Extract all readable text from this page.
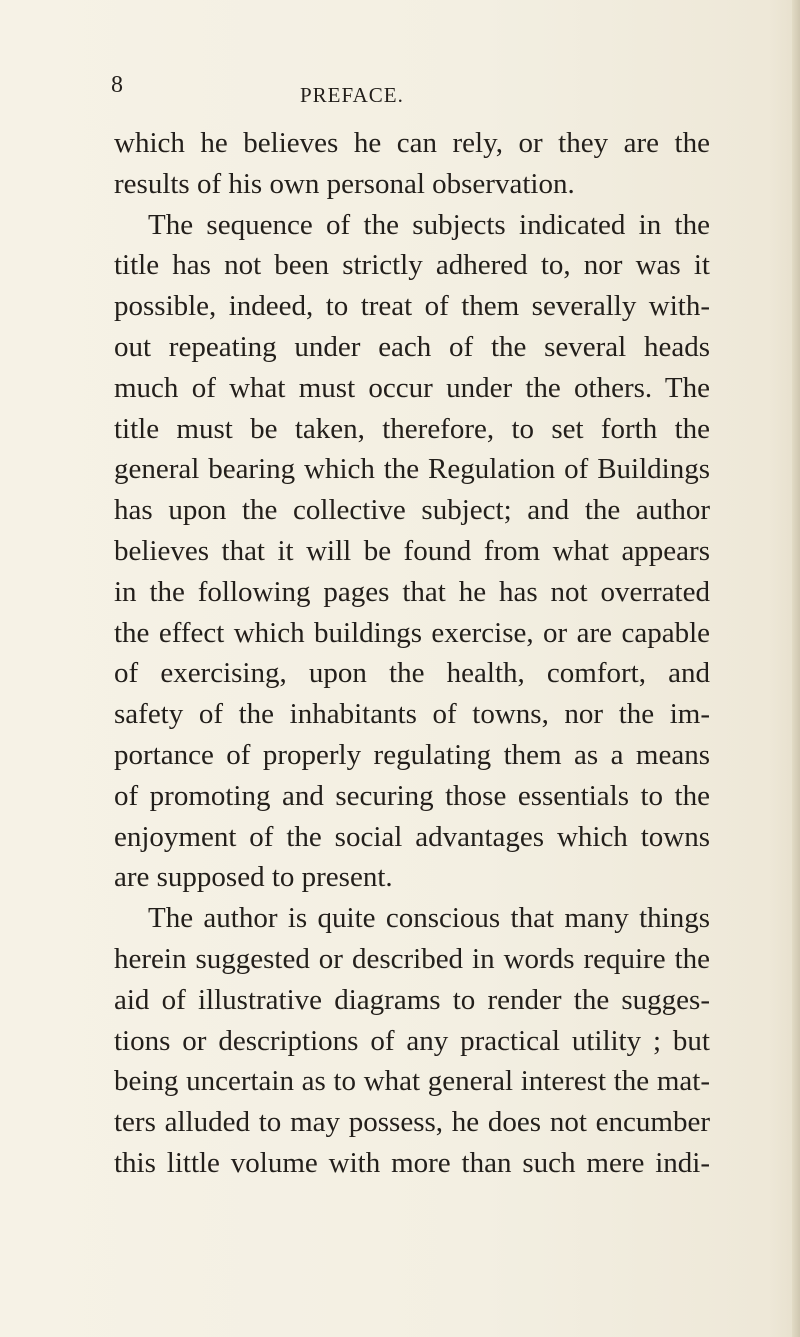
8	PREFACE.
which he believes he can rely, or they are the
results of his own personal observation.
The sequence of the subjects indicated in the
title has not been strictly adhered to, nor was it
possible, indeed, to treat of them severally with-
out repeating under each of the several heads
much of what must occur under the others. The
title must be taken, therefore, to set forth the
general bearing which the Regulation of Buildings
has upon the collective subject; and the author
believes that it will be found from what appears
in the following pages that he has not overrated
the effect which buildings exercise, or are capable
of exercising, upon the health, comfort, and
safety of the inhabitants of towns, nor the im-
portance of properly regulating them as a means
of promoting and securing those essentials to the
enjoyment of the social advantages which towns
are supposed to present.
The author is quite conscious that many things
herein suggested or described in words require the
aid of illustrative diagrams to render the sugges-
tions or descriptions of any practical utility ; but
being uncertain as to what general interest the mat-
ters alluded to may possess, he does not encumber
this little volume with more than such mere indi-
